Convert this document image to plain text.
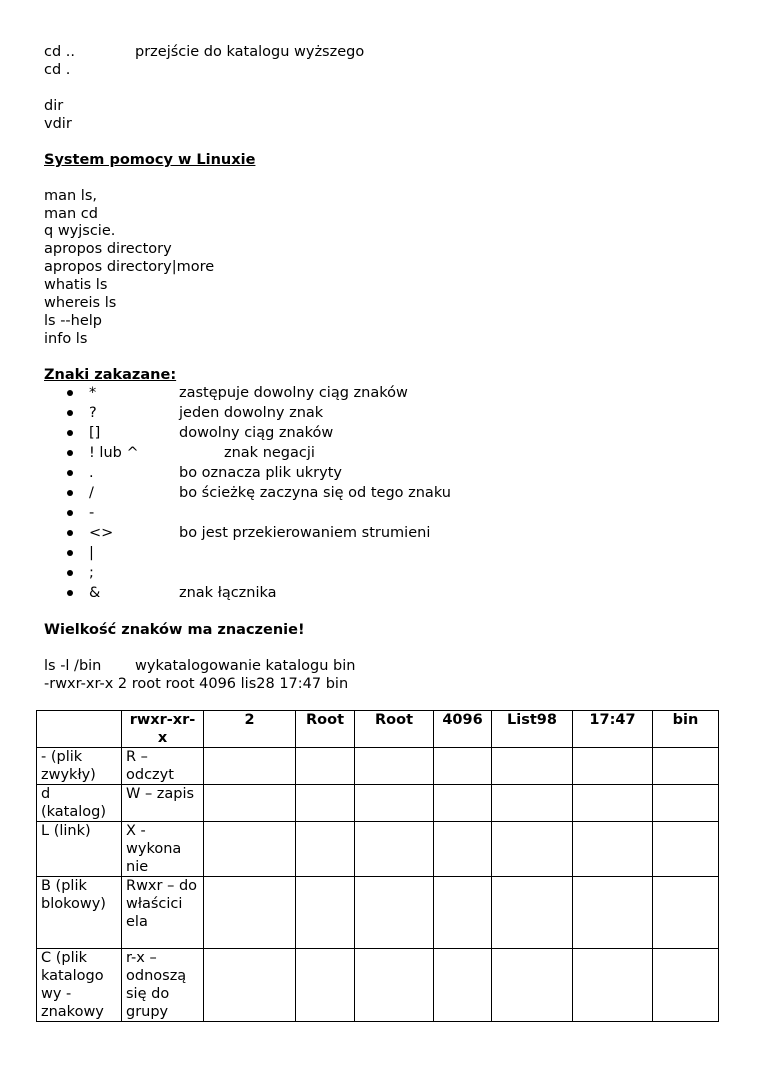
cd ..	przejście do katalogu wyższego
cd .
dir
vdir
System pomocy w Linuxie
man ls,
man cd
q wyjscie.
apropos directory
apropos directory|more
whatis ls
whereis ls
ls --help
info ls
Znaki zakazane:
*	zastępuje dowolny ciąg znaków
?	jeden dowolny znak
[]	dowolny ciąg znaków
! lub ^	znak negacji
.	bo oznacza plik ukryty
/	bo ścieżkę zaczyna się od tego znaku
-
<>	bo jest przekierowaniem strumieni
|
;
&	znak łącznika
Wielkość znaków ma znaczenie!
ls -l /bin wykatalogowanie katalogu bin
-rwxr-xr-x 2 root root 4096 lis28 17:47 bin
	rwxr-xr-x	2	Root	Root	4096	List98	17:47	bin
- (plik zwykły)	R – odczyt							
d (katalog)	W – zapis							
L (link)	X - wykona nie							
B (plik blokowy)	Rwxr – do właścici ela							
C (plik katalogo wy - znakowy	r-x – odnoszą się do grupy							
